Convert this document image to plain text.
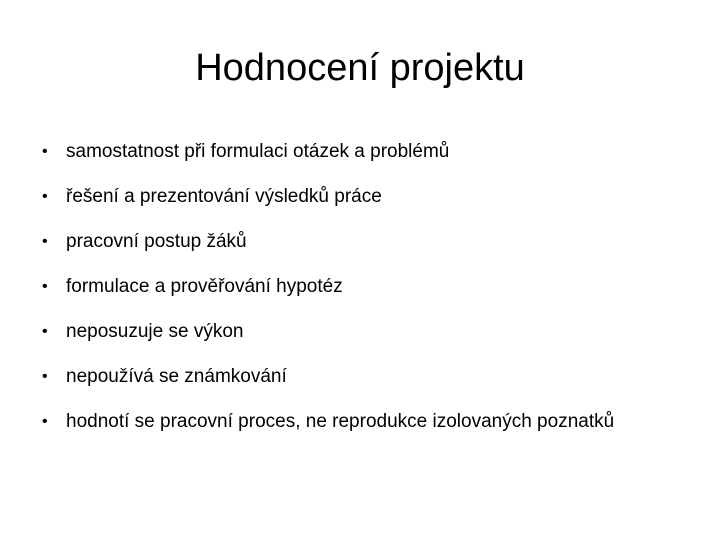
Hodnocení projektu
• samostatnost při formulaci otázek a problémů
• řešení a prezentování výsledků práce
• pracovní postup žáků
• formulace a prověřování hypotéz
• neposuzuje se výkon
• nepoužívá se známkování
• hodnotí se pracovní proces, ne reprodukce izolovaných poznatků
